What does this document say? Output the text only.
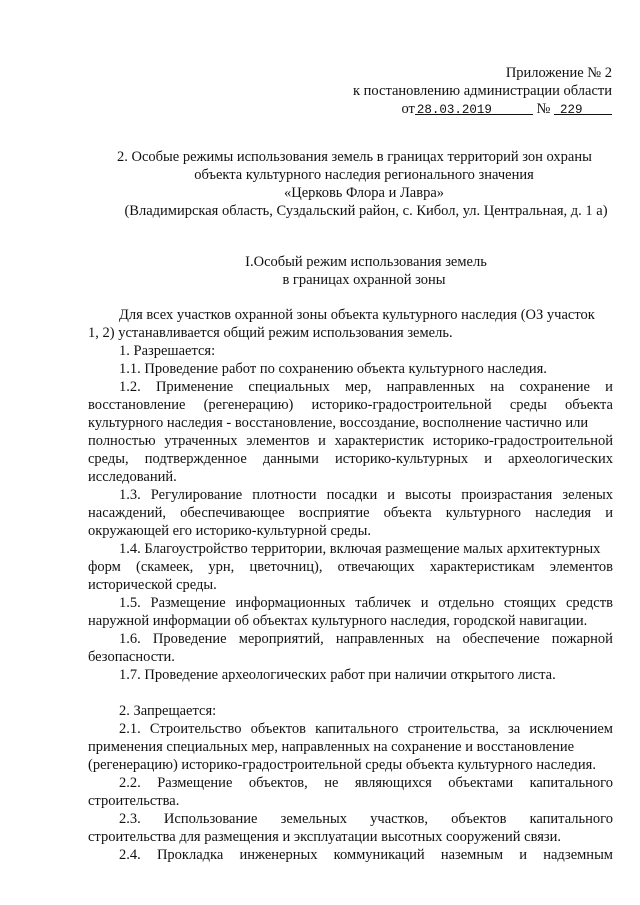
Приложение № 2
к постановлению администрации области
от 28.03.2019	№ 229
2. Особые режимы использования земель в границах территорий зон охраны
объекта культурного наследия регионального значения
«Церковь Флора и Лавра»
(Владимирская область, Суздальский район, с. Кибол, ул. Центральная, д. 1 а)
I.Особый режим использования земель
в границах охранной зоны
Для всех участков охранной зоны объекта культурного наследия (ОЗ участок
1, 2) устанавливается общий режим использования земель.
1. Разрешается:
1.1. Проведение работ по сохранению объекта культурного наследия.
1.2. Применение специальных мер, направленных на сохранение и
восстановление (регенерацию) историко-градостроительной среды объекта
культурного наследия - восстановление, воссоздание, восполнение частично или
полностью утраченных элементов и характеристик историко-градостроительной
среды, подтвержденное данными историко-культурных и археологических
исследований.
1.3. Регулирование плотности посадки и высоты произрастания зеленых
насаждений, обеспечивающее восприятие объекта культурного наследия и
окружающей его историко-культурной среды.
1.4. Благоустройство территории, включая размещение малых архитектурных
форм (скамеек, урн, цветочниц), отвечающих характеристикам элементов
исторической среды.
1.5. Размещение информационных табличек и отдельно стоящих средств
наружной информации об объектах культурного наследия, городской навигации.
1.6. Проведение мероприятий, направленных на обеспечение пожарной
безопасности.
1.7. Проведение археологических работ при наличии открытого листа.
2. Запрещается:
2.1. Строительство объектов капитального строительства, за исключением
применения специальных мер, направленных на сохранение и восстановление
(регенерацию) историко-градостроительной среды объекта культурного наследия.
2.2. Размещение объектов, не являющихся объектами капитального
строительства.
2.3. Использование земельных участков, объектов капитального
строительства для размещения и эксплуатации высотных сооружений связи.
2.4. Прокладка инженерных коммуникаций наземным и надземным
